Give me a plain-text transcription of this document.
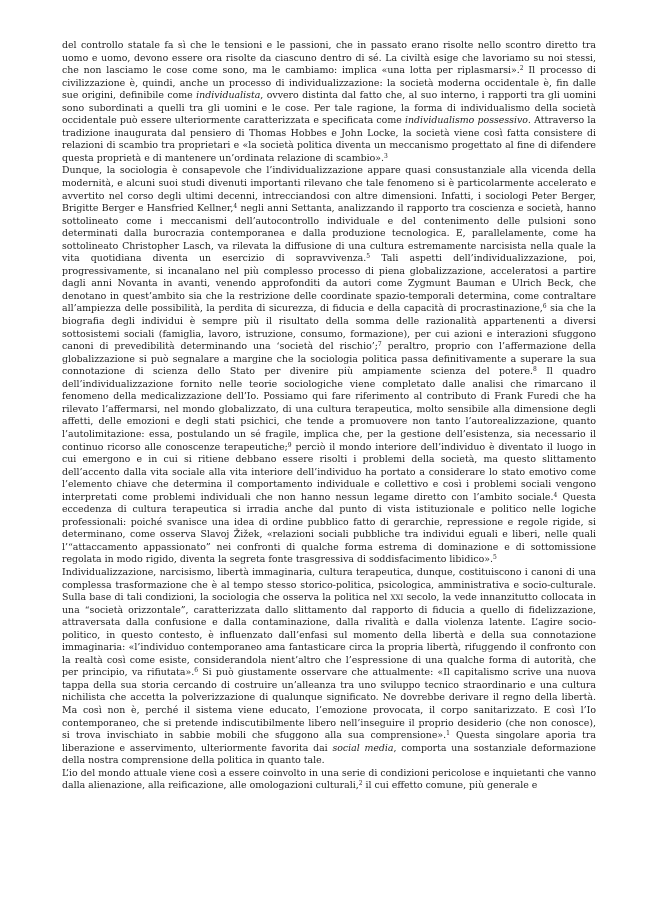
del controllo statale fa sì che le tensioni e le passioni, che in passato erano risolte nello scontro diretto tra uomo e uomo, devono essere ora risolte da ciascuno dentro di sé. La civiltà esige che lavoriamo su noi stessi, che non lasciamo le cose come sono, ma le cambiamo: implica «una lotta per riplasmarsi».$^2$ Il processo di civilizzazione è, quindi, anche un processo di individualizzazione: la società moderna occidentale è, fin dalle sue origini, definibile come individualista, ovvero distinta dal fatto che, al suo interno, i rapporti tra gli uomini sono subordinati a quelli tra gli uomini e le cose. Per tale ragione, la forma di individualismo della società occidentale può essere ulteriormente caratterizzata e specificata come individualismo possessivo. Attraverso la tradizione inaugurata dal pensiero di Thomas Hobbes e John Locke, la società viene così fatta consistere di relazioni di scambio tra proprietari e «la società politica diventa un meccanismo progettato al fine di difendere questa proprietà e di mantenere un’ordinata relazione di scambio».$^3$

Dunque, la sociologia è consapevole che l’individualizzazione appare quasi consustanziale alla vicenda della modernità, e alcuni suoi studi divenuti importanti rilevano che tale fenomeno si è particolarmente accelerato e avvertito nel corso degli ultimi decenni, intrecciandosi con altre dimensioni. Infatti, i sociologi Peter Berger, Brigitte Berger e Hansfried Kellner,$^4$ negli anni Settanta, analizzando il rapporto tra coscienza e società, hanno sottolineato come i meccanismi dell’autocontrollo individuale e del contenimento delle pulsioni sono determinati dalla burocrazia contemporanea e dalla produzione tecnologica. E, parallelamente, come ha sottolineato Christopher Lasch, va rilevata la diffusione di una cultura estremamente narcisista nella quale la vita quotidiana diventa un esercizio di sopravvivenza.$^5$ Tali aspetti dell’individualizzazione, poi, progressivamente, si incanalano nel più complesso processo di piena globalizzazione, acceleratosi a partire dagli anni Novanta in avanti, venendo approfonditi da autori come Zygmunt Bauman e Ulrich Beck, che denotano in quest’ambito sia che la restrizione delle coordinate spazio-temporali determina, come contraltare all’ampiezza delle possibilità, la perdita di sicurezza, di fiducia e della capacità di procrastinazione,$^6$ sia che la biografia degli individui è sempre più il risultato della somma delle razionalità appartenenti a diversi sottosistemi sociali (famiglia, lavoro, istruzione, consumo, formazione), per cui azioni e interazioni sfuggono canoni di prevedibilità determinando una ‘società del rischio’;$^7$ peraltro, proprio con l’affermazione della globalizzazione si può segnalare a margine che la sociologia politica passa definitivamente a superare la sua connotazione di scienza dello Stato per divenire più ampiamente scienza del potere.$^8$ Il quadro dell’individualizzazione fornito nelle teorie sociologiche viene completato dalle analisi che rimarcano il fenomeno della medicalizzazione dell’Io. Possiamo qui fare riferimento al contributo di Frank Furedi che ha rilevato l’affermarsi, nel mondo globalizzato, di una cultura terapeutica, molto sensibile alla dimensione degli affetti, delle emozioni e degli stati psichici, che tende a promuovere non tanto l’autorealizzazione, quanto l’autolimitazione: essa, postulando un sé fragile, implica che, per la gestione dell’esistenza, sia necessario il continuo ricorso alle conoscenze terapeutiche;$^9$ perciò il mondo interiore dell’individuo è diventato il luogo in cui emergono e in cui si ritiene debbano essere risolti i problemi della società, ma questo slittamento dell’accento dalla vita sociale alla vita interiore dell’individuo ha portato a considerare lo stato emotivo come l’elemento chiave che determina il comportamento individuale e collettivo e così i problemi sociali vengono interpretati come problemi individuali che non hanno nessun legame diretto con l’ambito sociale.$^4$ Questa eccedenza di cultura terapeutica si irradia anche dal punto di vista istituzionale e politico nelle logiche professionali: poiché svanisce una idea di ordine pubblico fatto di gerarchie, repressione e regole rigide, si determinano, come osserva Slavoj Žižek, «relazioni sociali pubbliche tra individui eguali e liberi, nelle quali l’“attaccamento appassionato” nei confronti di qualche forma estrema di dominazione e di sottomissione regolata in modo rigido, diventa la segreta fonte trasgressiva di soddisfacimento libidico».$^5$

Individualizzazione, narcisismo, libertà immaginaria, cultura terapeutica, dunque, costituiscono i canoni di una complessa trasformazione che è al tempo stesso storico-politica, psicologica, amministrativa e socio-culturale. Sulla base di tali condizioni, la sociologia che osserva la politica nel xxi secolo, la vede innanzitutto collocata in una “società orizzontale”, caratterizzata dallo slittamento dal rapporto di fiducia a quello di fidelizzazione, attraversata dalla confusione e dalla contaminazione, dalla rivalità e dalla violenza latente. L’agire socio-politico, in questo contesto, è influenzato dall’enfasi sul momento della libertà e della sua connotazione immaginaria: «l’individuo contemporaneo ama fantasticare circa la propria libertà, rifuggendo il confronto con la realtà così come esiste, considerandola nient’altro che l’espressione di una qualche forma di autorità, che per principio, va rifiutata».$^6$ Si può giustamente osservare che attualmente: «Il capitalismo scrive una nuova tappa della sua storia cercando di costruire un’alleanza tra uno sviluppo tecnico straordinario e una cultura nichilista che accetta la polverizzazione di qualunque significato. Ne dovrebbe derivare il regno della libertà. Ma così non è, perché il sistema viene educato, l’emozione provocata, il corpo sanitarizzato. E così l’Io contemporaneo, che si pretende indiscutibilmente libero nell’inseguire il proprio desiderio (che non conosce), si trova invischiato in sabbie mobili che sfuggono alla sua comprensione».$^1$ Questa singolare aporia tra liberazione e asservimento, ulteriormente favorita dai social media, comporta una sostanziale deformazione della nostra comprensione della politica in quanto tale.

L’io del mondo attuale viene così a essere coinvolto in una serie di condizioni pericolose e inquietanti che vanno dalla alienazione, alla reificazione, alle omologazioni culturali,$^2$ il cui effetto comune, più generale e
